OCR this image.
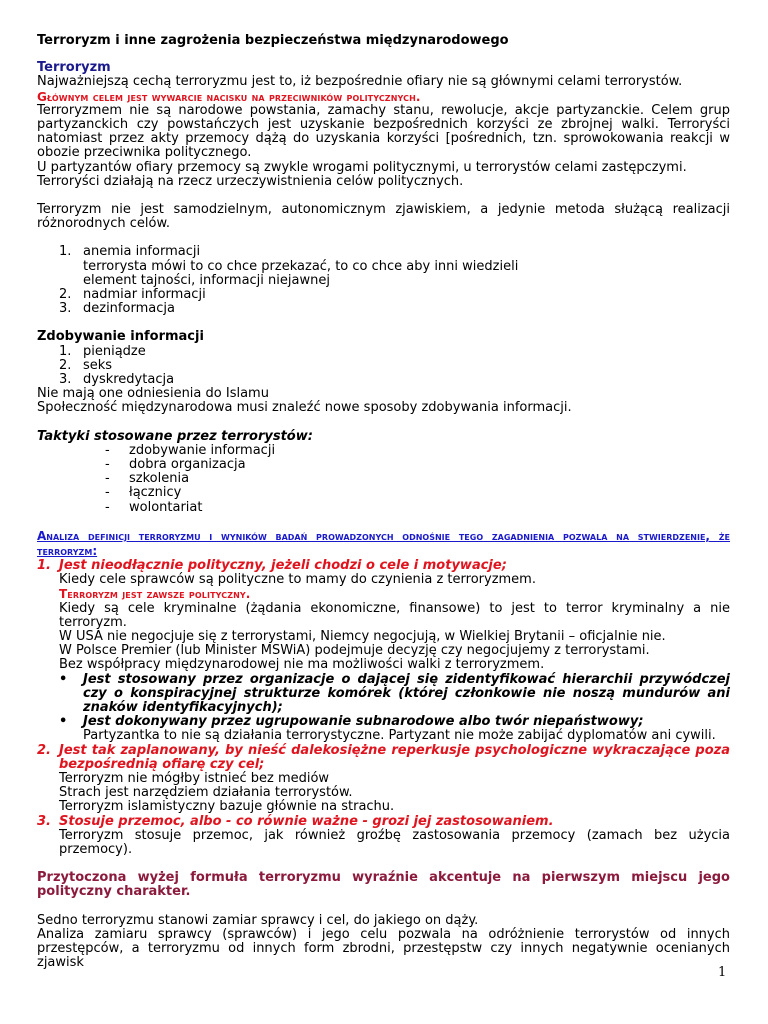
Terroryzm i inne zagrożenia bezpieczeństwa międzynarodowego

Terroryzm

Najważniejszą cechą terroryzmu jest to, iż bezpośrednie ofiary nie są głównymi celami terrorystów.

Głównym celem jest wywarcie nacisku na przeciwników politycznych.

Terroryzmem nie są narodowe powstania, zamachy stanu, rewolucje, akcje partyzanckie. Celem grup partyzanckich czy powstańczych jest uzyskanie bezpośrednich korzyści ze zbrojnej walki. Terroryści natomiast przez akty przemocy dążą do uzyskania korzyści [pośrednich, tzn. sprowokowania reakcji w obozie przeciwnika politycznego.

U partyzantów ofiary przemocy są zwykle wrogami politycznymi, u terrorystów celami zastępczymi.

Terroryści działają na rzecz urzeczywistnienia celów politycznych.

Terroryzm nie jest samodzielnym, autonomicznym zjawiskiem, a jedynie metoda służącą realizacji różnorodnych celów.

1. anemia informacji
terrorysta mówi to co chce przekazać, to co chce aby inni wiedzieli
element tajności, informacji niejawnej
2. nadmiar informacji
3. dezinformacja

Zdobywanie informacji

1. pieniądze
2. seks
3. dyskredytacja

Nie mają one odniesienia do Islamu

Społeczność międzynarodowa musi znaleźć nowe sposoby zdobywania informacji.

Taktyki stosowane przez terrorystów:

- zdobywanie informacji
- dobra organizacja
- szkolenia
- łącznicy
- wolontariat

Analiza definicji terroryzmu i wyników badań prowadzonych odnośnie tego zagadnienia pozwala na stwierdzenie, że terroryzm:

1. Jest nieodłącznie polityczny, jeżeli chodzi o cele i motywacje;

Kiedy cele sprawców są polityczne to mamy do czynienia z terroryzmem.

Terroryzm jest zawsze polityczny.

Kiedy są cele kryminalne (żądania ekonomiczne, finansowe) to jest to terror kryminalny a nie terroryzm.

W USA nie negocjuje się z terrorystami, Niemcy negocjują, w Wielkiej Brytanii – oficjalnie nie.

W Polsce Premier (lub Minister MSWiA) podejmuje decyzję czy negocjujemy z terrorystami.

Bez współpracy międzynarodowej nie ma możliwości walki z terroryzmem.

• Jest stosowany przez organizacje o dającej się zidentyfikować hierarchii przywódczej czy o konspiracyjnej strukturze komórek (której członkowie nie noszą mundurów ani znaków identyfikacyjnych);

• Jest dokonywany przez ugrupowanie subnarodowe albo twór niepaństwowy;

Partyzantka to nie są działania terrorystyczne. Partyzant nie może zabijać dyplomatów ani cywili.

2. Jest tak zaplanowany, by nieść dalekosiężne reperkusje psychologiczne wykraczające poza bezpośrednią ofiarę czy cel;

Terroryzm nie mógłby istnieć bez mediów

Strach jest narzędziem działania terrorystów.

Terroryzm islamistyczny bazuje głównie na strachu.

3. Stosuje przemoc, albo - co równie ważne - grozi jej zastosowaniem.

Terroryzm stosuje przemoc, jak również groźbę zastosowania przemocy (zamach bez użycia przemocy).

Przytoczona wyżej formuła terroryzmu wyraźnie akcentuje na pierwszym miejscu jego polityczny charakter.

Sedno terroryzmu stanowi zamiar sprawcy i cel, do jakiego on dąży.

Analiza zamiaru sprawcy (sprawców) i jego celu pozwala na odróżnienie terrorystów od innych przestępców, a terroryzmu od innych form zbrodni, przestępstw czy innych negatywnie ocenianych zjawisk

1
